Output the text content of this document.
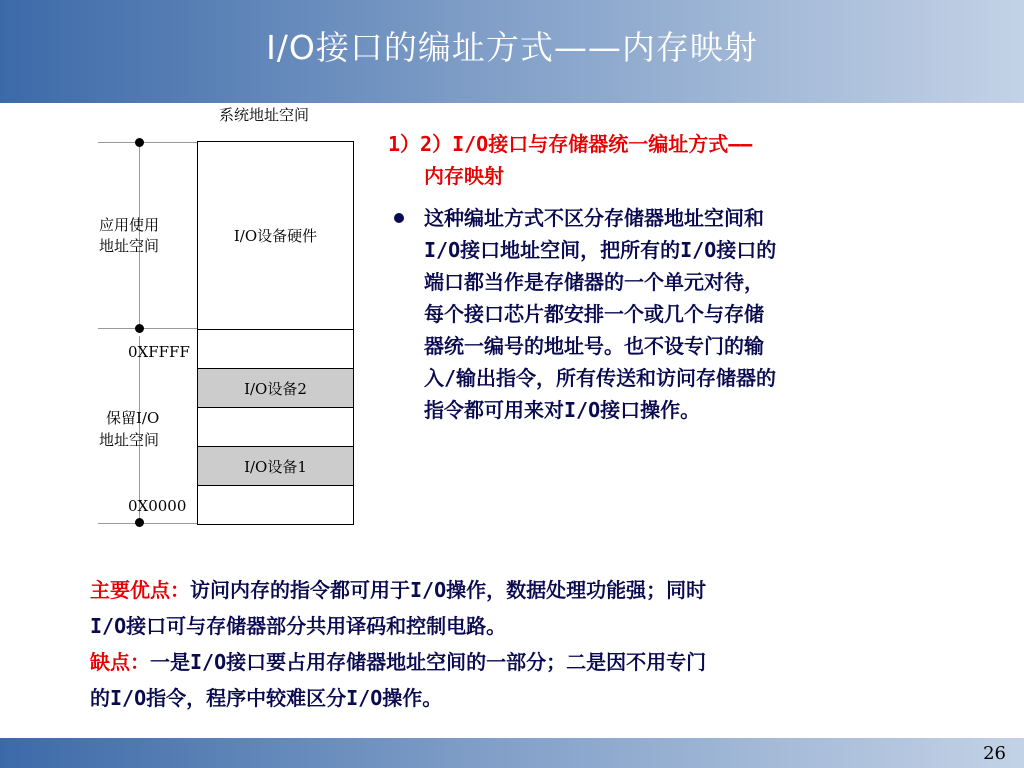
I/O接口的编址方式——内存映射
系统地址空间
应用使用
地址空间
0XFFFF
保留I/O
地址空间
0X0000
I/O设备硬件
I/O设备2
I/O设备1
1）2）I/O接口与存储器统一编址方式——
内存映射
这种编址方式不区分存储器地址空间和
I/O接口地址空间，把所有的I/O接口的
端口都当作是存储器的一个单元对待，
每个接口芯片都安排一个或几个与存储
器统一编号的地址号。也不设专门的输
入/输出指令，所有传送和访问存储器的
指令都可用来对I/O接口操作。
主要优点：访问内存的指令都可用于I/O操作，数据处理功能强；同时
I/O接口可与存储器部分共用译码和控制电路。
缺点：一是I/O接口要占用存储器地址空间的一部分；二是因不用专门
的I/O指令，程序中较难区分I/O操作。
26
